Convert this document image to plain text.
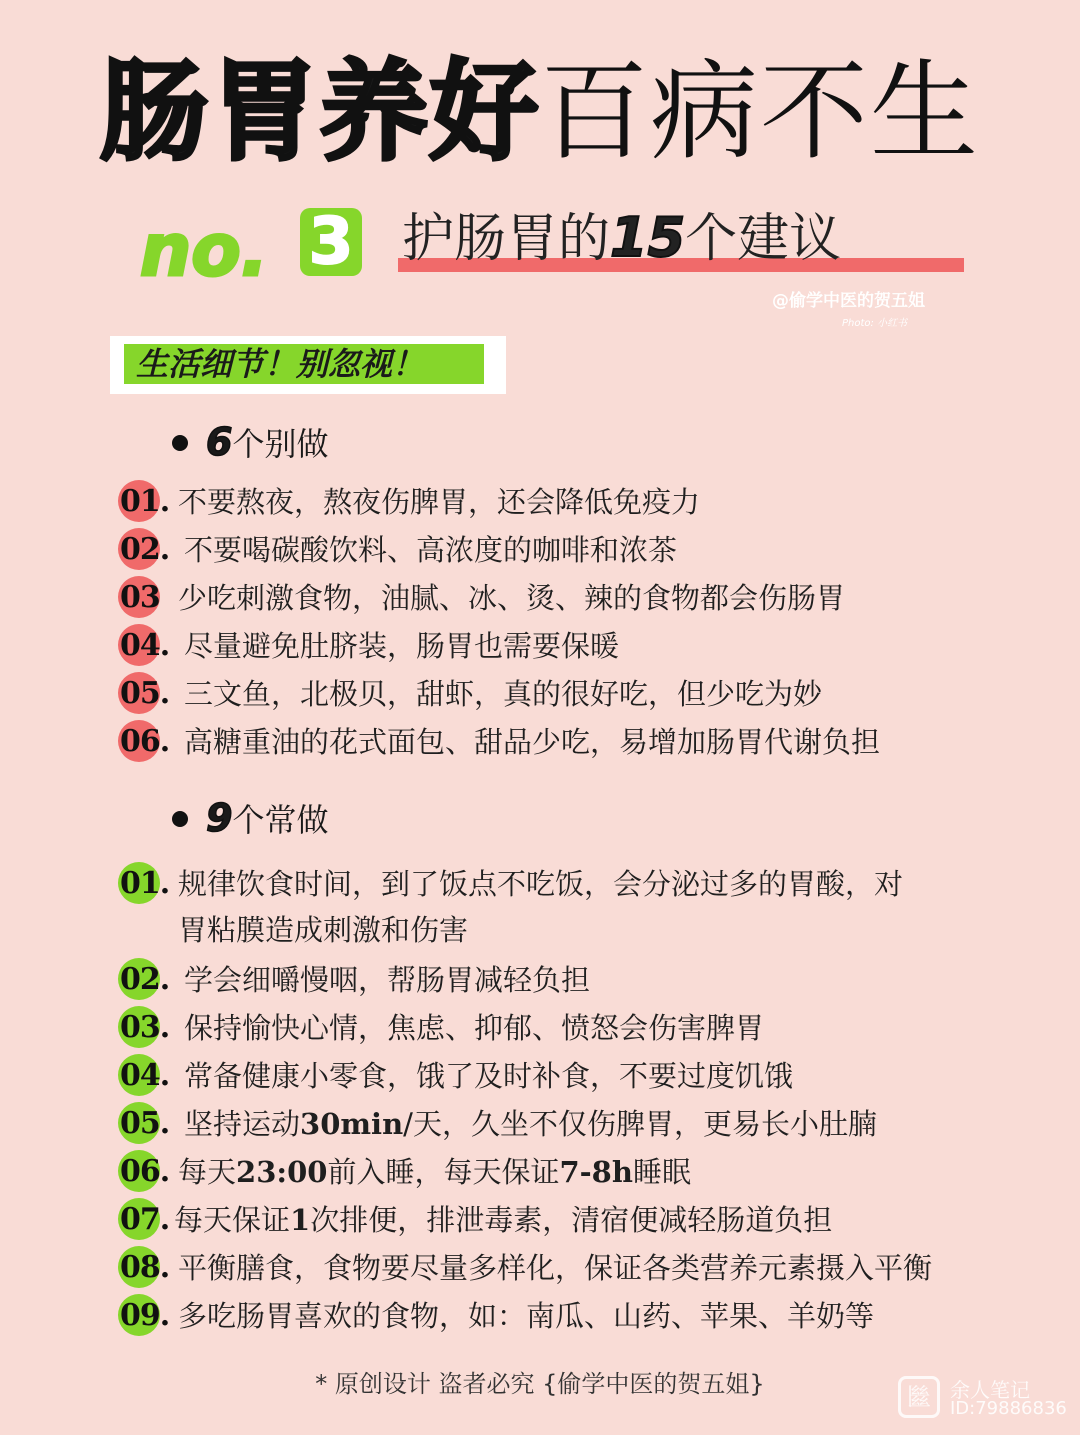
肠胃养好百病不生
no. 3 护肠胃的15个建议
@偷学中医的贺五姐
Photo: 小红书
生活细节！别忽视！
6个别做
01. 不要熬夜，熬夜伤脾胃，还会降低免疫力
02. 不要喝碳酸饮料、高浓度的咖啡和浓茶
03 少吃刺激食物，油腻、冰、烫、辣的食物都会伤肠胃
04. 尽量避免肚脐装，肠胃也需要保暖
05. 三文鱼，北极贝，甜虾，真的很好吃，但少吃为妙
06. 高糖重油的花式面包、甜品少吃，易增加肠胃代谢负担
9个常做
01. 规律饮食时间，到了饭点不吃饭，会分泌过多的胃酸，对
胃粘膜造成刺激和伤害
02. 学会细嚼慢咽，帮肠胃减轻负担
03. 保持愉快心情，焦虑、抑郁、愤怒会伤害脾胃
04. 常备健康小零食，饿了及时补食，不要过度饥饿
05. 坚持运动30min/天，久坐不仅伤脾胃，更易长小肚腩
06. 每天23:00前入睡，每天保证7-8h睡眠
07. 每天保证1次排便，排泄毒素，清宿便减轻肠道负担
08. 平衡膳食，食物要尽量多样化，保证各类营养元素摄入平衡
09. 多吃肠胃喜欢的食物，如：南瓜、山药、苹果、羊奶等
* 原创设计 盗者必究 {偷学中医的贺五姐}	㡭 余人笔记
ID:79886836
